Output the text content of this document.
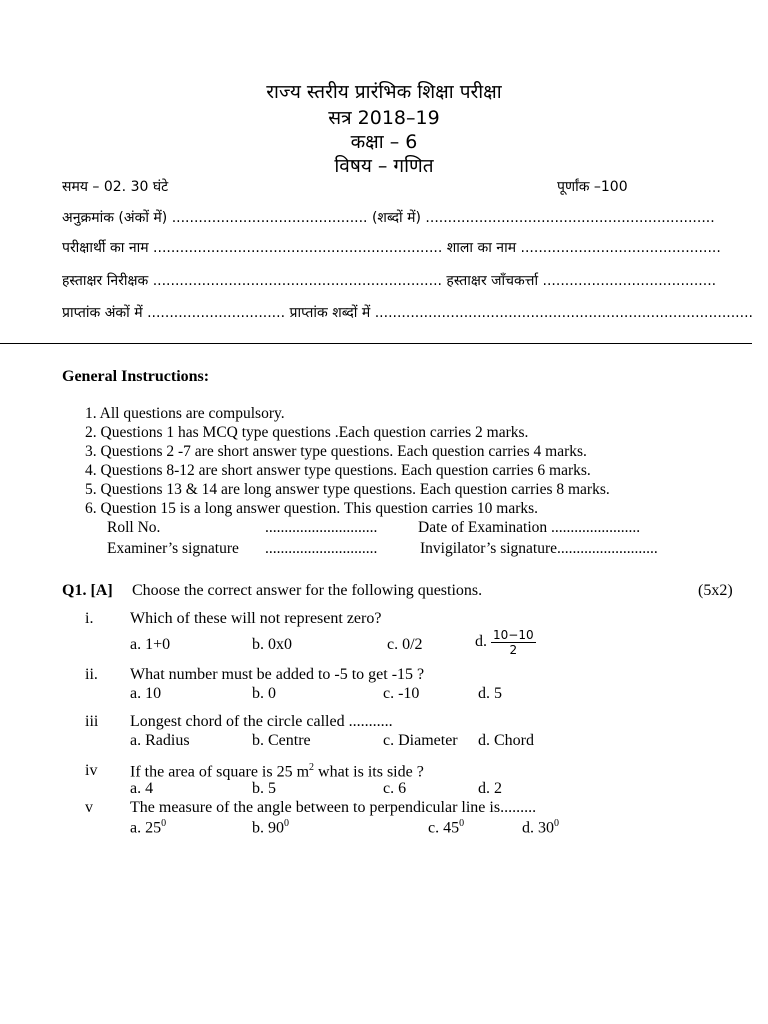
राज्य स्तरीय प्रारंभिक शिक्षा परीक्षा
सत्र 2018–19
कक्षा – 6
विषय – गणित
समय – 02. 30 घंटे	पूर्णांक –100
अनुक्रमांक (अंकों में) ............................................ (शब्दों में) .................................................................
परीक्षार्थी का नाम ................................................................. शाला का नाम .............................................
हस्ताक्षर निरीक्षक ................................................................. हस्ताक्षर जाँचकर्त्ता .......................................
प्राप्तांक अंकों में ............................... प्राप्तांक शब्दों में .....................................................................................
General Instructions:
1. All questions are compulsory.
2. Questions 1 has MCQ type questions .Each question carries 2 marks.
3. Questions 2 -7 are short answer type questions. Each question carries 4 marks.
4. Questions 8-12 are short answer type questions. Each question carries 6 marks.
5. Questions 13 & 14 are long answer type questions. Each question carries 8 marks.
6. Question 15 is a long answer question. This question carries 10 marks.
Roll No.	.............................	Date of Examination .......................
Examiner’s signature .............................	Invigilator’s signature..........................
Q1. [A] Choose the correct answer for the following questions.	(5x2)
i. Which of these will not represent zero?
a. 1+0	b. 0x0	c. 0/2	d. $\frac{10-10}{2}$
ii. What number must be added to -5 to get -15 ?
a. 10	b. 0	c. -10	d. 5
iii Longest chord of the circle called ...........
a. Radius	b. Centre	c. Diameter d. Chord
iv If the area of square is 25 $m^2$ what is its side ?
a. 4	b. 5	c. 6	d. 2
v The measure of the angle between to perpendicular line is.........
a. $25^0$	b. $90^0$	c. $45^0$	d. $30^0$
